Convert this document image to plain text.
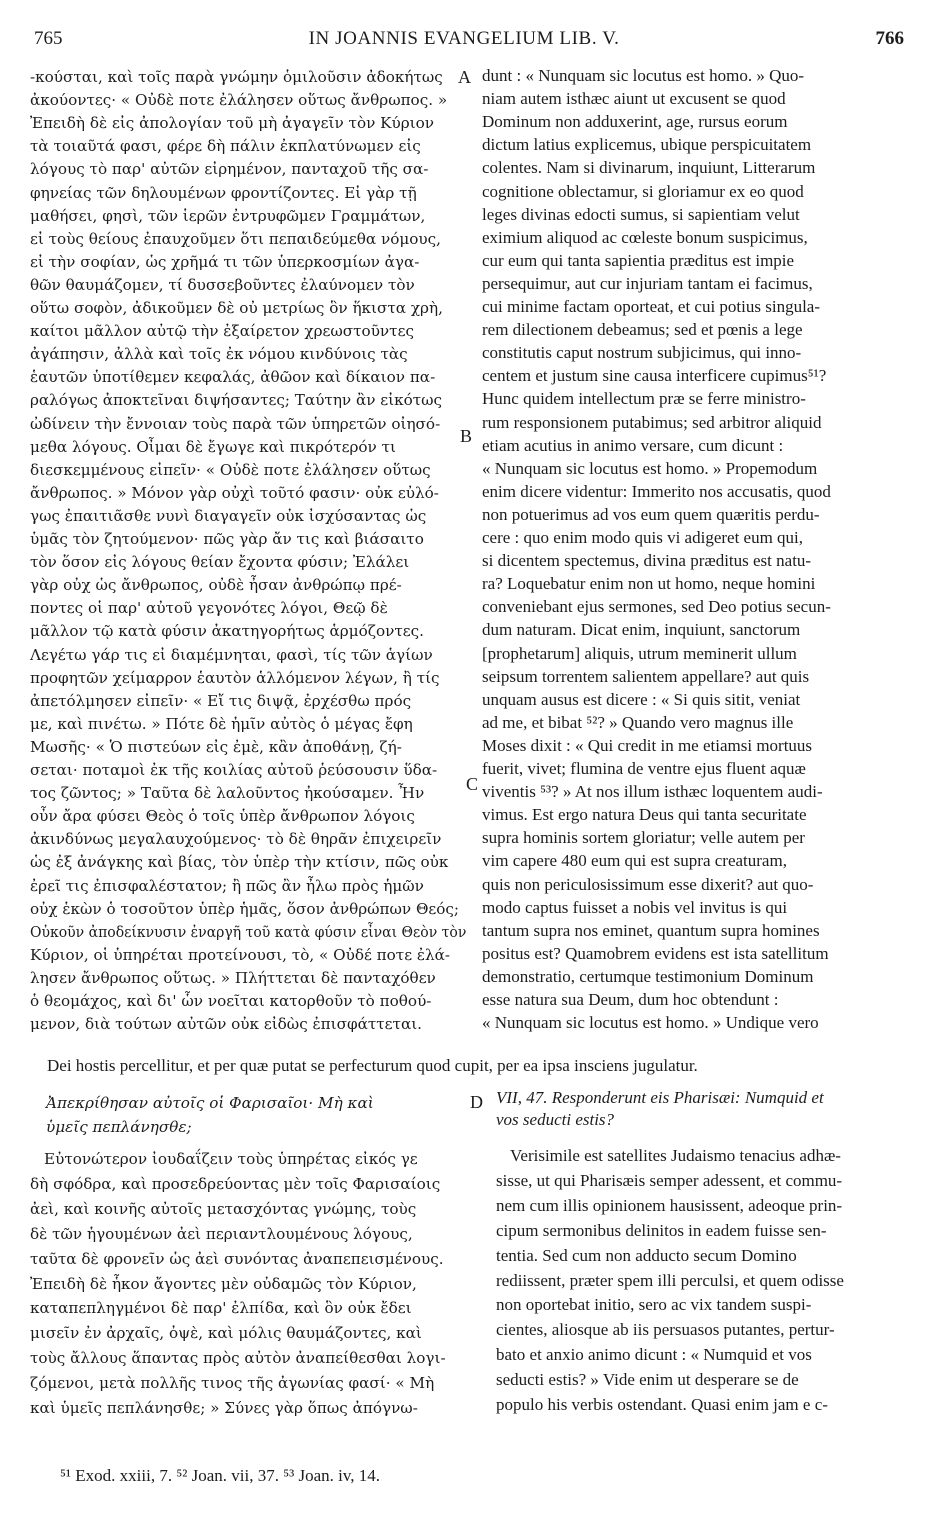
765	IN JOANNIS EVANGELIUM LIB. V.	766
-κούσται, καὶ τοῖς παρὰ γνώμην ὁμιλοῦσιν ἀδοκήτως
ἀκούοντες· « Οὐδὲ ποτε ἐλάλησεν οὕτως ἄνθρωπος. »
Ἐπειδὴ δὲ εἰς ἀπολογίαν τοῦ μὴ ἀγαγεῖν τὸν Κύριον
τὰ τοιαῦτά φασι, φέρε δὴ πάλιν ἐκπλατύνωμεν εἰς
λόγους τὸ παρ' αὐτῶν εἰρημένον, πανταχοῦ τῆς σα-
φηνείας τῶν δηλουμένων φροντίζοντες. Εἰ γὰρ τῇ
μαθήσει, φησὶ, τῶν ἱερῶν ἐντρυφῶμεν Γραμμάτων,
εἰ τοὺς θείους ἐπαυχοῦμεν ὅτι πεπαιδεύμεθα νόμους,
εἰ τὴν σοφίαν, ὡς χρῆμά τι τῶν ὑπερκοσμίων ἀγα-
θῶν θαυμάζομεν, τί δυσσεβοῦντες ἐλαύνομεν τὸν
οὕτω σοφὸν, ἀδικοῦμεν δὲ οὐ μετρίως ὃν ἥκιστα χρὴ,
καίτοι μᾶλλον αὐτῷ τὴν ἐξαίρετον χρεωστοῦντες
ἀγάπησιν, ἀλλὰ καὶ τοῖς ἐκ νόμου κινδύνοις τὰς
ἑαυτῶν ὑποτίθεμεν κεφαλάς, ἀθῶον καὶ δίκαιον πα-
ραλόγως ἀποκτεῖναι διψήσαντες; Ταύτην ἂν εἰκότως
ὠδίνειν τὴν ἔννοιαν τοὺς παρὰ τῶν ὑπηρετῶν οἰησό-
μεθα λόγους. Οἶμαι δὲ ἔγωγε καὶ πικρότερόν τι
διεσκεμμένους εἰπεῖν· « Οὐδὲ ποτε ἐλάλησεν οὕτως
ἄνθρωπος. » Μόνον γὰρ οὐχὶ τοῦτό φασιν· οὐκ εὐλό-
γως ἐπαιτιᾶσθε νυνὶ διαγαγεῖν οὐκ ἰσχύσαντας ὡς
ὑμᾶς τὸν ζητούμενον· πῶς γὰρ ἄν τις καὶ βιάσαιτο
τὸν ὅσον εἰς λόγους θείαν ἔχοντα φύσιν; Ἐλάλει
γὰρ οὐχ ὡς ἄνθρωπος, οὐδὲ ἦσαν ἀνθρώπῳ πρέ-
ποντες οἱ παρ' αὐτοῦ γεγονότες λόγοι, Θεῷ δὲ
μᾶλλον τῷ κατὰ φύσιν ἀκατηγορήτως ἁρμόζοντες.
Λεγέτω γάρ τις εἰ διαμέμνηται, φασὶ, τίς τῶν ἁγίων
προφητῶν χείμαρρον ἑαυτὸν ἁλλόμενον λέγων, ἢ τίς
ἀπετόλμησεν εἰπεῖν· « Εἴ τις διψᾷ, ἐρχέσθω πρός
με, καὶ πινέτω. » Πότε δὲ ἡμῖν αὐτὸς ὁ μέγας ἔφη
Μωσῆς· « Ὁ πιστεύων εἰς ἐμὲ, κἂν ἀποθάνῃ, ζή-
σεται· ποταμοὶ ἐκ τῆς κοιλίας αὐτοῦ ῥεύσουσιν ὕδα-
τος ζῶντος; » Ταῦτα δὲ λαλοῦντος ἠκούσαμεν. Ἦν
οὖν ἄρα φύσει Θεὸς ὁ τοῖς ὑπὲρ ἄνθρωπον λόγοις
ἀκινδύνως μεγαλαυχούμενος· τὸ δὲ θηρᾶν ἐπιχειρεῖν
ὡς ἐξ ἀνάγκης καὶ βίας, τὸν ὑπὲρ τὴν κτίσιν, πῶς οὐκ
ἐρεῖ τις ἐπισφαλέστατον; ἢ πῶς ἂν ἦλω πρὸς ἡμῶν
οὐχ ἑκὼν ὁ τοσοῦτον ὑπὲρ ἡμᾶς, ὅσον ἀνθρώπων Θεός;
Οὐκοῦν ἀποδείκνυσιν ἐναργῆ τοῦ κατὰ φύσιν εἶναι Θεὸν τὸν
Κύριον, οἱ ὑπηρέται προτείνουσι, τὸ, « Οὐδέ ποτε ἐλά-
λησεν ἄνθρωπος οὕτως. » Πλήττεται δὲ πανταχόθεν
ὁ θεομάχος, καὶ δι' ὧν νοεῖται κατορθοῦν τὸ ποθού-
μενον, διὰ τούτων αὐτῶν οὐκ εἰδὼς ἐπισφάττεται.
dunt : « Nunquam sic locutus est homo. » Quo-
niam autem isthæc aiunt ut excusent se quod
Dominum non adduxerint, age, rursus eorum
dictum latius explicemus, ubique perspicuitatem
colentes. Nam si divinarum, inquiunt, Litterarum
cognitione oblectamur, si gloriamur ex eo quod
leges divinas edocti sumus, si sapientiam velut
eximium aliquod ac cœleste bonum suspicimus,
cur eum qui tanta sapientia præditus est impie
persequimur, aut cur injuriam tantam ei facimus,
cui minime factam oporteat, et cui potius singula-
rem dilectionem debeamus; sed et pœnis a lege
constitutis caput nostrum subjicimus, qui inno-
centem et justum sine causa interficere cupimus⁵¹?
Hunc quidem intellectum præ se ferre ministro-
rum responsionem putabimus; sed arbitror aliquid
etiam acutius in animo versare, cum dicunt :
« Nunquam sic locutus est homo. » Propemodum
enim dicere videntur: Immerito nos accusatis, quod
non potuerimus ad vos eum quem quæritis perdu-
cere : quo enim modo quis vi adigeret eum qui,
si dicentem spectemus, divina præditus est natu-
ra? Loquebatur enim non ut homo, neque homini
conveniebant ejus sermones, sed Deo potius secun-
dum naturam. Dicat enim, inquiunt, sanctorum
[prophetarum] aliquis, utrum meminerit ullum
seipsum torrentem salientem appellare? aut quis
unquam ausus est dicere : « Si quis sitit, veniat
ad me, et bibat ⁵²? » Quando vero magnus ille
Moses dixit : « Qui credit in me etiamsi mortuus
fuerit, vivet; flumina de ventre ejus fluent aquæ
viventis ⁵³? » At nos illum isthæc loquentem audi-
vimus. Est ergo natura Deus qui tanta securitate
supra hominis sortem gloriatur; velle autem per
vim capere 480 eum qui est supra creaturam,
quis non periculosissimum esse dixerit? aut quo-
modo captus fuisset a nobis vel invitus is qui
tantum supra nos eminet, quantum supra homines
positus est? Quamobrem evidens est ista satellitum
demonstratio, certumque testimonium Dominum
esse natura sua Deum, dum hoc obtendunt :
« Nunquam sic locutus est homo. » Undique vero
A
B
C
D
Dei hostis percellitur, et per quæ putat se perfecturum quod cupit, per ea ipsa insciens jugulatur.
Ἀπεκρίθησαν αὐτοῖς οἱ Φαρισαῖοι· Μὴ καὶ
ὑμεῖς πεπλάνησθε;
VII, 47. Responderunt eis Pharisæi: Numquid et
vos seducti estis?
Εὐτονώτερον ἰουδαΐζειν τοὺς ὑπηρέτας εἰκός γε
δὴ σφόδρα, καὶ προσεδρεύοντας μὲν τοῖς Φαρισαίοις
ἀεὶ, καὶ κοινῆς αὐτοῖς μετασχόντας γνώμης, τοὺς
δὲ τῶν ἡγουμένων ἀεὶ περιαντλουμένους λόγους,
ταῦτα δὲ φρονεῖν ὡς ἀεὶ συνόντας ἀναπεπεισμένους.
Ἐπειδὴ δὲ ἧκον ἄγοντες μὲν οὐδαμῶς τὸν Κύριον,
καταπεπληγμένοι δὲ παρ' ἐλπίδα, καὶ ὃν οὐκ ἔδει
μισεῖν ἐν ἀρχαῖς, ὀψὲ, καὶ μόλις θαυμάζοντες, καὶ
τοὺς ἄλλους ἅπαντας πρὸς αὐτὸν ἀναπείθεσθαι λογι-
ζόμενοι, μετὰ πολλῆς τινος τῆς ἀγωνίας φασί· « Μὴ
καὶ ὑμεῖς πεπλάνησθε; » Σύνες γὰρ ὅπως ἀπόγνω-
Verisimile est satellites Judaismo tenacius adhæ-
sisse, ut qui Pharisæis semper adessent, et commu-
nem cum illis opinionem hausissent, adeoque prin-
cipum sermonibus delinitos in eadem fuisse sen-
tentia. Sed cum non adducto secum Domino
rediissent, præter spem illi perculsi, et quem odisse
non oportebat initio, sero ac vix tandem suspi-
cientes, aliosque ab iis persuasos putantes, pertur-
bato et anxio animo dicunt : « Numquid et vos
seducti estis? » Vide enim ut desperare se de
populo his verbis ostendant. Quasi enim jam e c-
⁵¹ Exod. xxiii, 7. ⁵² Joan. vii, 37. ⁵³ Joan. iv, 14.
